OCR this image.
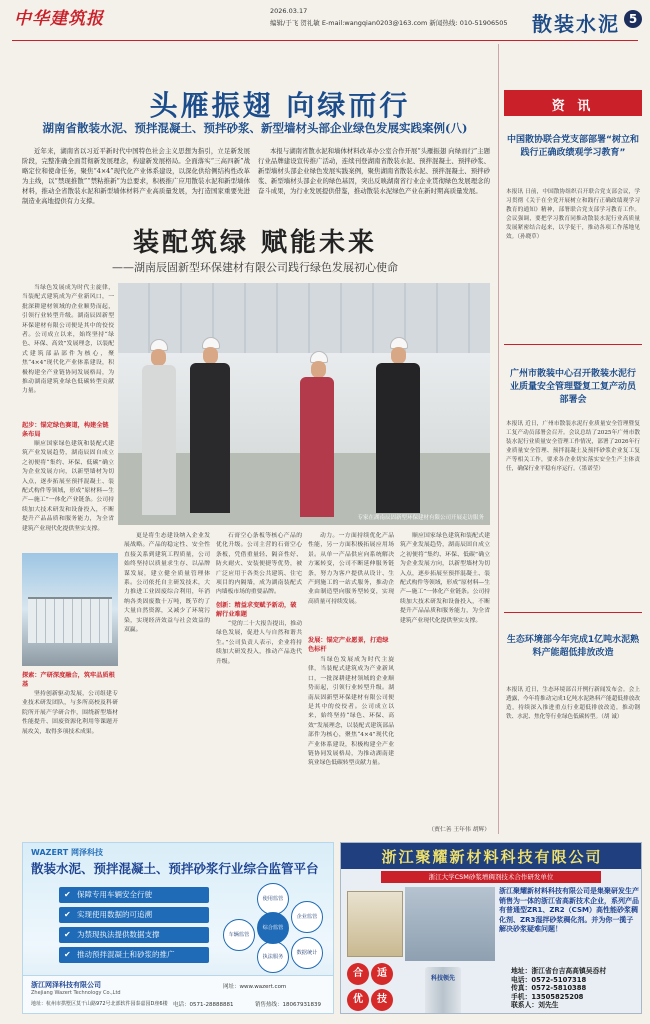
中华建筑报	2026.03.17
编辑/于飞 贺礼敏 E-mail:wangqian0203@163.com 新闻热线: 010-51906505 散装水泥 5
头雁振翅 向绿而行
湖南省散装水泥、预拌混凝土、预拌砂浆、新型墙材头部企业绿色发展实践案例(八)
近年来，湖南省以习近平新时代中国特色社会主义思想为指引，立足新发展阶段，完整准确全面贯彻新发展理念，构建新发展格局。全面落实“三高四新”战略定位和使命任务，聚焦“4×4”现代化产业体系建设，以深化供给侧结构性改革为主线，以“禁现推散”“禁粘推新”为总要求，积极推广应用散装水泥和新型墙体材料，推动全省散装水泥和新型墙体材料产业高质量发展，为打造国家重要先进制造业高地提供有力支撑。
本报与湖南省散水泥和墙体材料改革办公室合作开展“头雁振翅 向绿而行”主题行业品牌建设宣传推广活动，连续刊登湖南省散装水泥、预拌混凝土、预拌砂浆、新型墙材头部企业绿色发展实践案例，聚焦湖南省散装水泥、预拌混凝土、预拌砂浆、新型墙材头部企业的绿色基因，突出反映湖南省行业企业贯彻绿色发展理念的奋斗成果，为行业发展提供借鉴，推动散装水泥绿色产业在新时期高质量发展。
装配筑绿 赋能未来
——湖南辰固新型环保建材有限公司践行绿色发展初心使命
当绿色发展成为时代主旋律，当装配式建筑成为产业新风口，一批深耕建材领域的企业顺势而起，引领行业转型升级。湖南辰固新型环保建材有限公司便是其中的佼佼者。公司成立以来，始终坚持“绿色、环保、高效”发展理念，以装配式建筑部品部件为核心，聚焦“4×4”现代化产业体系建设，积极构建全产业链协同发展格局，为推动湖南建筑业绿色低碳转型贡献力量。
起步：锚定绿色赛道，构建全链条布局
顺应国家绿色建筑和装配式建筑产业发展趋势，湖南辰固自成立之初便将“集约、环保、低碳”确立为企业发展方向，以新型墙材为切入点，逐步拓展至预拌混凝土、装配式构件等领域，形成“原材料—生产—施工”一体化产业链条。公司持续加大技术研发和设备投入，不断提升产品品质和服务能力，为全省建筑产业现代化提供坚实支撑。
专家在湖南辰固新型环保建材有限公司开展走访服务
探索：产研深度融合，筑牢品质根基
坚持创新驱动发展，公司组建专业技术研发团队，与多所高校及科研院所开展产学研合作，围绕新型墙材性能提升、固废资源化利用等课题开展攻关，取得多项技术成果。
更是将生态建设纳入企业发展战略。产品的稳定性、安全性直接关系到建筑工程质量，公司始终坚持以质量求生存、以品牌谋发展，建立健全质量管理体系。公司依托自主研发技术，大力推进工业固废综合利用，年消纳各类固废数十万吨，既节约了大量自然资源，又减少了环境污染，实现经济效益与社会效益的双赢。
石膏空心条板等核心产品的优化升级。公司主营的石膏空心条板，凭借重量轻、隔音性好、防火耐火、安装便捷等优势，被广泛应用于各类公共建筑、住宅项目的内隔墙，成为湖南装配式内墙板市场的重要品牌。
创新：精益求变赋予新动，破解行业难题
“党的二十大报告提出，推动绿色发展，促进人与自然和谐共生。”公司负责人表示，企业将持续加大研发投入，推动产品迭代升级。
动力。一方面持续优化产品性能，另一方面积极拓展应用场景。从单一产品供应向系统解决方案转变，公司不断延伸服务链条，努力为客户提供从设计、生产到施工的一站式服务，推动企业由制造型向服务型转变，实现高质量可持续发展。
发展：锚定产业愿景，打造绿色标杆
当绿色发展成为时代主旋律，当装配式建筑成为产业新风口，一批深耕建材领域的企业顺势而起，引领行业转型升级。湖南辰固新型环保建材有限公司便是其中的佼佼者。公司成立以来，始终坚持“绿色、环保、高效”发展理念，以装配式建筑部品部件为核心，聚焦“4×4”现代化产业体系建设，积极构建全产业链协同发展格局，为推动湖南建筑业绿色低碳转型贡献力量。
顺应国家绿色建筑和装配式建筑产业发展趋势，湖南辰固自成立之初便将“集约、环保、低碳”确立为企业发展方向，以新型墙材为切入点，逐步拓展至预拌混凝土、装配式构件等领域，形成“原材料—生产—施工”一体化产业链条。公司持续加大技术研发和设备投入，不断提升产品品质和服务能力，为全省建筑产业现代化提供坚实支撑。
（贾仁善 王年伟 胡辉）
资 讯
中国散协联合党支部部署“树立和践行正确政绩观学习教育”
本报讯 日前，中国散协组织召开联合党支部会议，学习贯彻《关于在全党开展树立和践行正确政绩观学习教育的通知》精神，部署联合党支部学习教育工作。会议强调，要把学习教育同推动散装水泥行业高质量发展紧密结合起来，以学促干，推动各项工作落地见效。（孙晓草）
广州市散装中心召开散装水泥行业质量安全管理暨复工复产动员部署会
本报讯 近日，广州市散装水泥行业质量安全管理暨复工复产动员部署会召开。会议总结了2025年广州市散装水泥行业质量安全管理工作情况，部署了2026年行业质量安全管理、预拌混凝土及预拌砂浆企业复工复产等相关工作，要求各企业切实落实安全生产主体责任，确保行业平稳有序运行。（墨诺莹）
生态环境部今年完成1亿吨水泥熟料产能超低排放改造
本报讯 近日，生态环境部召开例行新闻发布会。会上透露，今年将推动完成1亿吨水泥熟料产能超低排放改造，持续深入推进重点行业超低排放改造，推动钢铁、水泥、焦化等行业绿色低碳转型。（胡 诚）
WAZERT 网泽科技
散装水泥、预拌混凝土、预拌砂浆行业综合监管平台
✔ 保障专用车辆安全行驶
✔ 实现使用数据的可追溯
✔ 为禁现执法提供数据支撑
✔ 推动预拌混凝土和砂浆的推广
使用监管
企业监管
数据统计
执法服务
车辆监管
综合监管
浙江网泽科技有限公司
Zhejiang Wazert Technology Co.,Ltd
地址：杭州市拱墅区莫干山路972号北部软件园泰嘉园D座6楼
网址：www.wazert.com
电话：0571-28888881	销售热线：18067931839
浙江聚耀新材料科技有限公司
浙江大学CSM砂浆增稠剂技术合作研发单位
浙江聚耀新材料科技有限公司是集聚研发生产销售为一体的浙江省高新技术企业，系列产品有普通型ZR1、ZR2（CSM）高性能砂浆稠化剂、ZR3湿拌砂浆稠化剂。并为你一揽子解决砂浆疑难问题！
合	适
优	技
科技领先
地址：浙江省台吉高高镇吴岙村
电话：0572-5107318
传真：0572-5810388
手机：13505825208
联系人：刘先生
